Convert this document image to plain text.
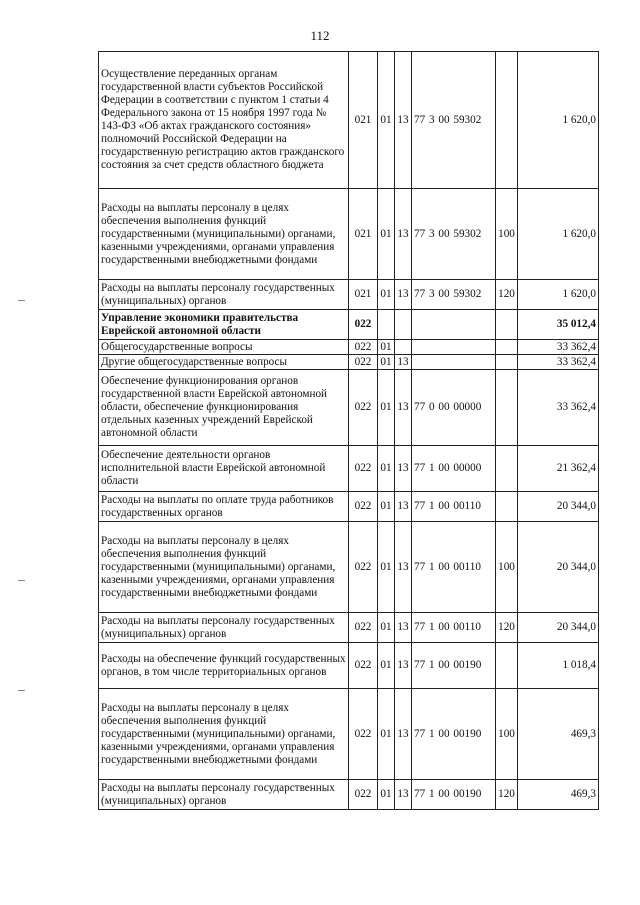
112
Осуществление переданных органам государственной власти субъектов Российской Федерации в соответствии с пунктом 1 статьи 4 Федерального закона от 15 ноября 1997 года № 143-ФЗ «Об актах гражданского состояния» полномочий Российской Федерации на государственную регистрацию актов гражданского состояния за счет средств областного бюджета	021	01	13	77 3 00 59302		1 620,0
Расходы на выплаты персоналу в целях обеспечения выполнения функций государственными (муниципальными) органами, казенными учреждениями, органами управления государственными внебюджетными фондами	021	01	13	77 3 00 59302	100	1 620,0
Расходы на выплаты персоналу государственных (муниципальных) органов	021	01	13	77 3 00 59302	120	1 620,0
Управление экономики правительства Еврейской автономной области	022					35 012,4
Общегосударственные вопросы	022	01				33 362,4
Другие общегосударственные вопросы	022	01	13			33 362,4
Обеспечение функционирования органов государственной власти Еврейской автономной области, обеспечение функционирования отдельных казенных учреждений Еврейской автономной области	022	01	13	77 0 00 00000		33 362,4
Обеспечение деятельности органов исполнительной власти Еврейской автономной области	022	01	13	77 1 00 00000		21 362,4
Расходы на выплаты по оплате труда работников государственных органов	022	01	13	77 1 00 00110		20 344,0
Расходы на выплаты персоналу в целях обеспечения выполнения функций государственными (муниципальными) органами, казенными учреждениями, органами управления государственными внебюджетными фондами	022	01	13	77 1 00 00110	100	20 344,0
Расходы на выплаты персоналу государственных (муниципальных) органов	022	01	13	77 1 00 00110	120	20 344,0
Расходы на обеспечение функций государственных органов, в том числе территориальных органов	022	01	13	77 1 00 00190		1 018,4
Расходы на выплаты персоналу в целях обеспечения выполнения функций государственными (муниципальными) органами, казенными учреждениями, органами управления государственными внебюджетными фондами	022	01	13	77 1 00 00190	100	469,3
Расходы на выплаты персоналу государственных (муниципальных) органов	022	01	13	77 1 00 00190	120	469,3
